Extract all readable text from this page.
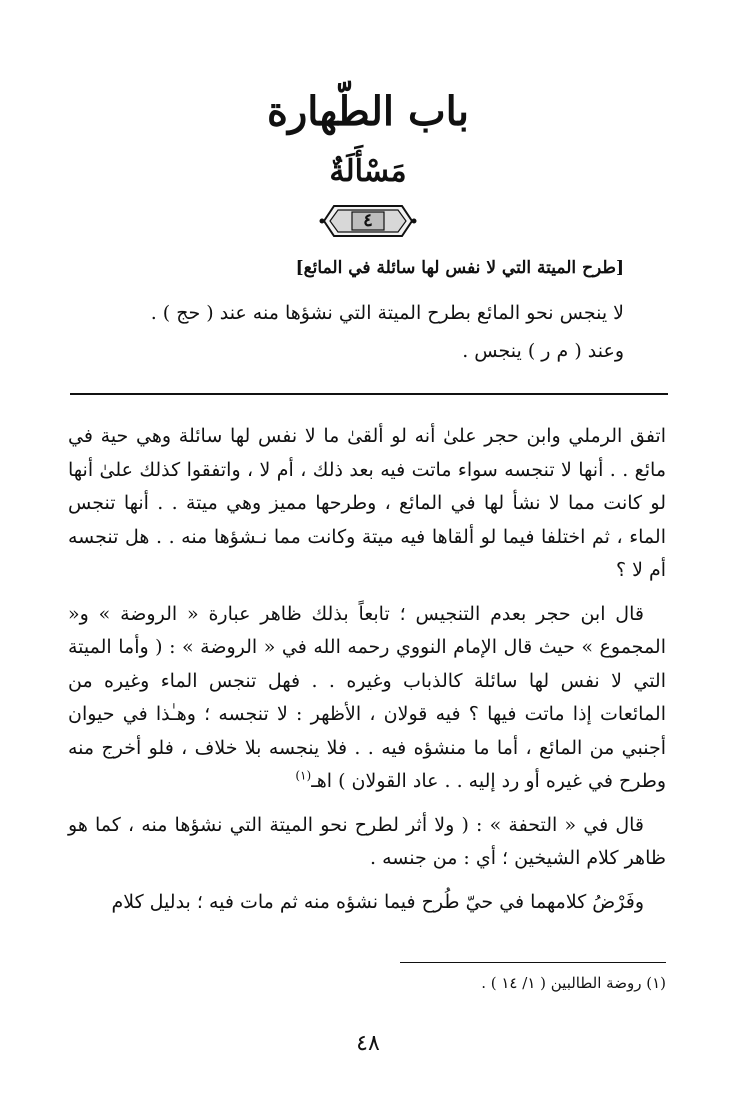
باب الطّهارة
مَسْأَلَةٌ
٤
[طرح الميتة التي لا نفس لها سائلة في المائع]
لا ينجس نحو المائع بطرح الميتة التي نشؤها منه عند ( حج ) .
وعند ( م ر ) ينجس .

اتفق الرملي وابن حجر علىٰ أنه لو ألقىٰ ما لا نفس لها سائلة وهي حية في مائع . . أنها لا تنجسه سواء ماتت فيه بعد ذلك ، أم لا ، واتفقوا كذلك علىٰ أنها لو كانت مما لا نشأ لها في المائع ، وطرحها مميز وهي ميتة . . أنها تنجس الماء ، ثم اختلفا فيما لو ألقاها فيه ميتة وكانت مما نـشؤها منه . . هل تنجسه أم لا ؟

قال ابن حجر بعدم التنجيس ؛ تابعاً بذلك ظاهر عبارة « الروضة » و« المجموع » حيث قال الإمام النووي رحمه الله في « الروضة » : ( وأما الميتة التي لا نفس لها سائلة كالذباب وغيره . . فهل تنجس الماء وغيره من المائعات إذا ماتت فيها ؟ فيه قولان ، الأظهر : لا تنجسه ؛ وهـٰذا في حيوان أجنبي من المائع ، أما ما منشؤه فيه . . فلا ينجسه بلا خلاف ، فلو أخرج منه وطرح في غيره أو رد إليه . . عاد القولان ) اهـ$^{(١)}$

قال في « التحفة » : ( ولا أثر لطرح نحو الميتة التي نشؤها منه ، كما هو ظاهر كلام الشيخين ؛ أي : من جنسه .

وفَرْضُ كلامهما في حيّ طُرح فيما نشؤه منه ثم مات فيه ؛ بدليل كلام

(١) روضة الطالبين ( ١/ ١٤ ) .
٤٨
